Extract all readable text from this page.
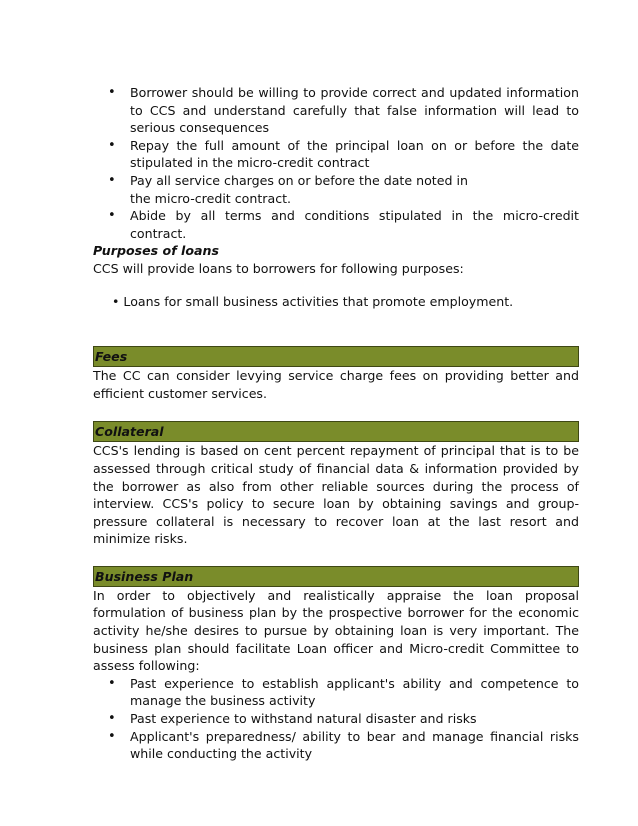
• Borrower should be willing to provide correct and updated information to CCS and understand carefully that false information will lead to serious consequences
• Repay the full amount of the principal loan on or before the date stipulated in the micro-credit contract
• Pay all service charges on or before the date noted in the micro-credit contract.
• Abide by all terms and conditions stipulated in the micro-credit contract.

Purposes of loans

CCS will provide loans to borrowers for following purposes:

• Loans for small business activities that promote employment.

Fees

The CC can consider levying service charge fees on providing better and efficient customer services.

Collateral

CCS's lending is based on cent percent repayment of principal that is to be assessed through critical study of financial data & information provided by the borrower as also from other reliable sources during the process of interview. CCS's policy to secure loan by obtaining savings and group-pressure collateral is necessary to recover loan at the last resort and minimize risks.

Business Plan

In order to objectively and realistically appraise the loan proposal formulation of business plan by the prospective borrower for the economic activity he/she desires to pursue by obtaining loan is very important. The business plan should facilitate Loan officer and Micro-credit Committee to assess following:

• Past experience to establish applicant's ability and competence to manage the business activity
• Past experience to withstand natural disaster and risks
• Applicant's preparedness/ ability to bear and manage financial risks while conducting the activity
